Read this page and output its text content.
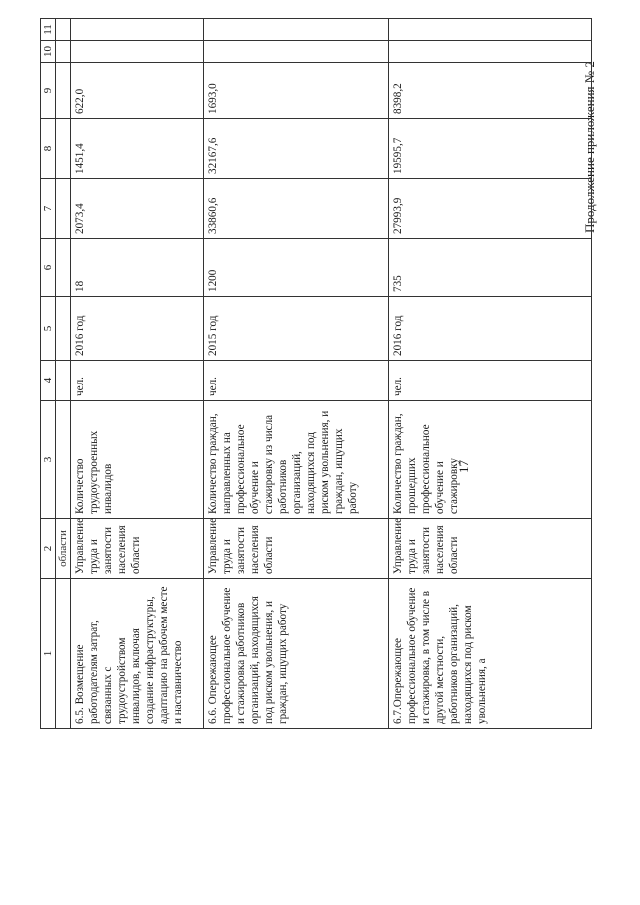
17
Продолжение приложения № 2
1	2	3	4	5	6	7	8	9	10	11
	области									
6.5. Возмещение работодателям затрат, связанных с трудоустройством инвалидов, включая создание инфраструктуры, адаптацию на рабочем месте и наставничество	Управление труда и занятости населения области	Количество трудоустроенных инвалидов	чел.	2016 год	18	2073,4	1451,4	622,0		
6.6. Опережающее профессиональное обучение и стажировка работников организаций, находящихся под риском увольнения, и граждан, ищущих работу	Управление труда и занятости населения области	Количество граждан, направленных на профессиональное обучение и стажировку из числа работников организаций, находящихся под риском увольнения, и граждан, ищущих работу	чел.	2015 год	1200	33860,6	32167,6	1693,0		
6.7.Опережающее профессиональное обучение и стажировка, в том числе в другой местности, работников организаций, находящихся под риском увольнения, а	Управление труда и занятости населения области	Количество граждан, прошедших профессиональное обучение и стажировку	чел.	2016 год	735	27993,9	19595,7	8398,2		
